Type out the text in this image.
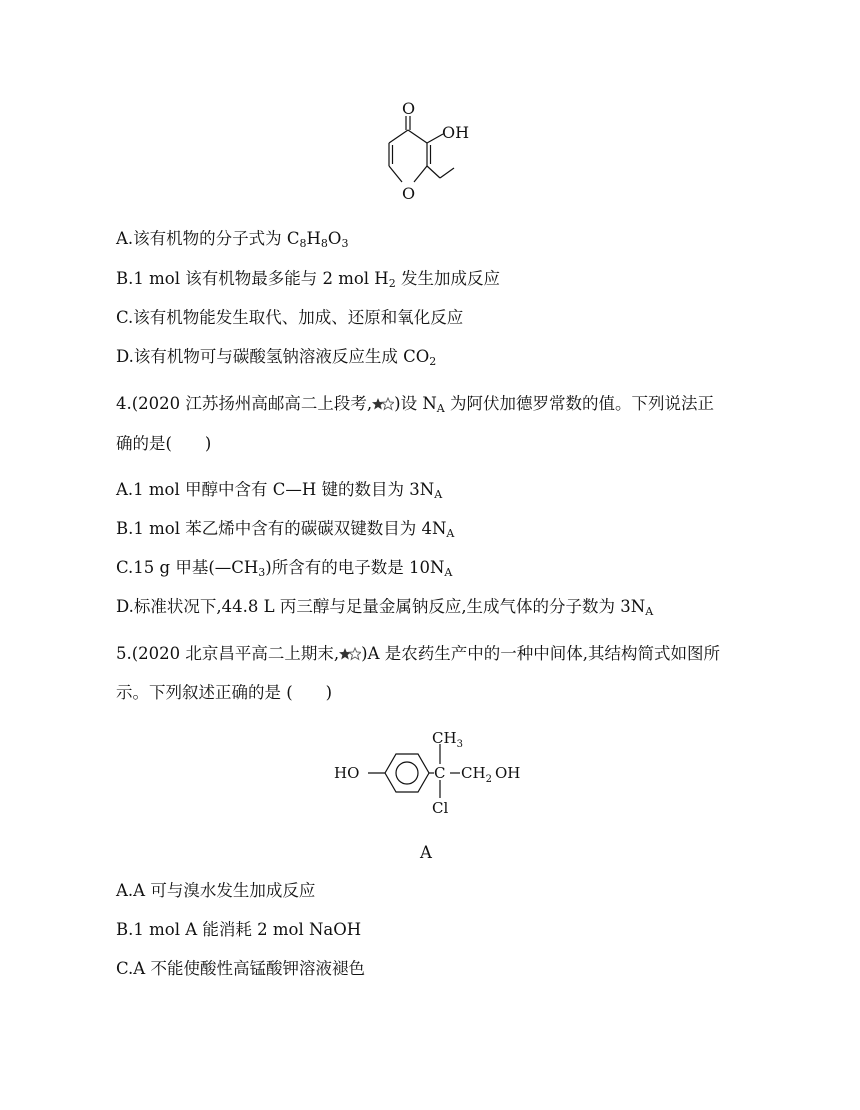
O
OH
O
A.该有机物的分子式为 $C_8H_8O_3$
B.1 mol 该有机物最多能与 2 mol $H_2$ 发生加成反应
C.该有机物能发生取代、加成、还原和氧化反应
D.该有机物可与碳酸氢钠溶液反应生成 $CO_2$
4.(2020 江苏扬州高邮高二上段考, )设 $N_A$ 为阿伏加德罗常数的值。下列说法正
确的是(　　)
A.1 mol 甲醇中含有 C—H 键的数目为 $3N_A$
B.1 mol 苯乙烯中含有的碳碳双键数目为 $4N_A$
C.15 g 甲基$(—CH_3)$所含有的电子数是 $10N_A$
D.标准状况下,44.8 L 丙三醇与足量金属钠反应,生成气体的分子数为 $3N_A$
5.(2020 北京昌平高二上期末, )A 是农药生产中的一种中间体,其结构简式如图所
示。下列叙述正确的是 (　　)
$CH_3$
C $CH_2$ OH
HO
Cl
A
A.A 可与溴水发生加成反应
B.1 mol A 能消耗 2 mol NaOH
C.A 不能使酸性高锰酸钾溶液褪色
